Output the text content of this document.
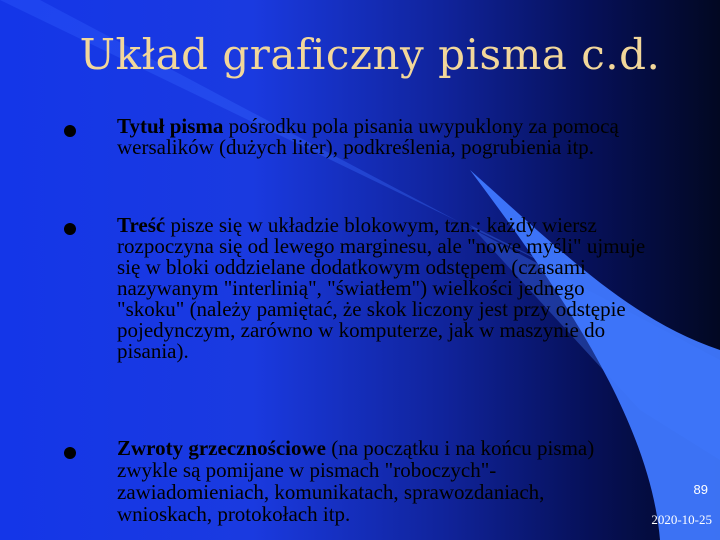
Układ graficzny pisma c.d.
Tytuł pisma pośrodku pola pisania uwypuklony za pomocą wersalików (dużych liter), podkreślenia, pogrubienia itp.
Treść pisze się w układzie blokowym, tzn.: każdy wiersz rozpoczyna się od lewego marginesu, ale "nowe myśli" ujmuje się w bloki oddzielane dodatkowym odstępem (czasami nazywanym "interlinią", "światłem") wielkości jednego "skoku" (należy pamiętać, że skok liczony jest przy odstępie pojedynczym, zarówno w komputerze, jak w maszynie do pisania).
Zwroty grzecznościowe (na początku i na końcu pisma) zwykle są pomijane w pismach "roboczych"- zawiadomieniach, komunikatach, sprawozdaniach, wnioskach, protokołach itp.
89
2020-10-25
